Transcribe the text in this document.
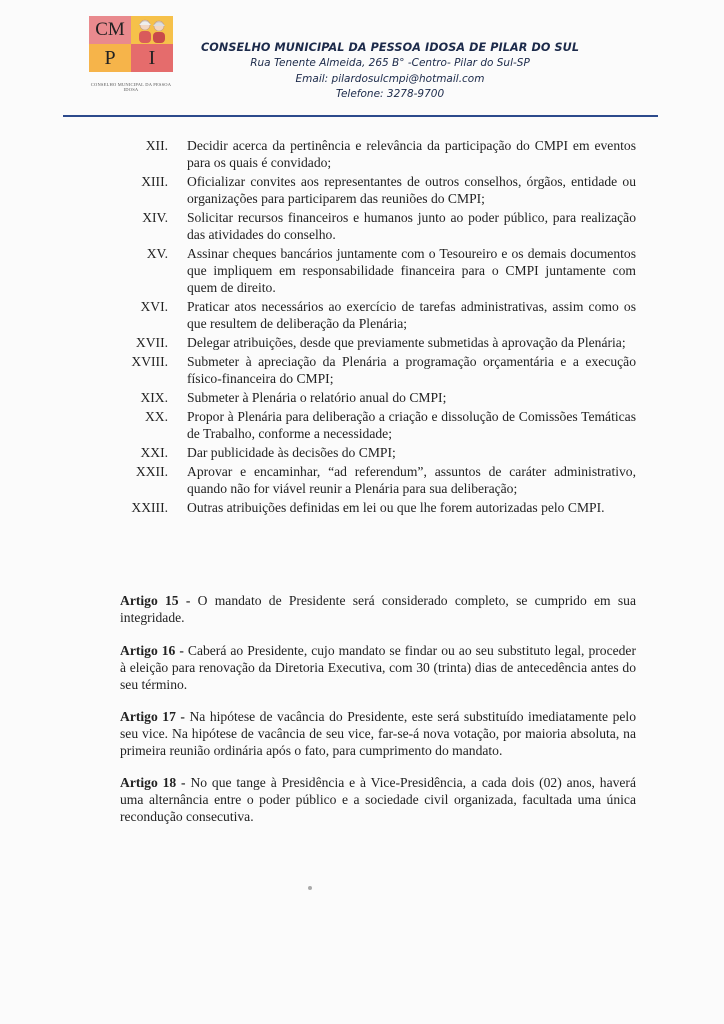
CM
P	I
CONSELHO MUNICIPAL DA PESSOA IDOSA
CONSELHO MUNICIPAL DA PESSOA IDOSA DE PILAR DO SUL
Rua Tenente Almeida, 265 B° -Centro- Pilar do Sul-SP
Email: pilardosulcmpi@hotmail.com
Telefone: 3278-9700
XII.	Decidir acerca da pertinência e relevância da participação do CMPI em eventos para os quais é convidado;
XIII.	Oficializar convites aos representantes de outros conselhos, órgãos, entidade ou organizações para participarem das reuniões do CMPI;
XIV.	Solicitar recursos financeiros e humanos junto ao poder público, para realização das atividades do conselho.
XV.	Assinar cheques bancários juntamente com o Tesoureiro e os demais documentos que impliquem em responsabilidade financeira para o CMPI juntamente com quem de direito.
XVI.	Praticar atos necessários ao exercício de tarefas administrativas, assim como os que resultem de deliberação da Plenária;
XVII.	Delegar atribuições, desde que previamente submetidas à aprovação da Plenária;
XVIII.	Submeter à apreciação da Plenária a programação orçamentária e a execução físico-financeira do CMPI;
XIX.	Submeter à Plenária o relatório anual do CMPI;
XX.	Propor à Plenária para deliberação a criação e dissolução de Comissões Temáticas de Trabalho, conforme a necessidade;
XXI.	Dar publicidade às decisões do CMPI;
XXII.	Aprovar e encaminhar, “ad referendum”, assuntos de caráter administrativo, quando não for viável reunir a Plenária para sua deliberação;
XXIII.	Outras atribuições definidas em lei ou que lhe forem autorizadas pelo CMPI.
Artigo 15 - O mandato de Presidente será considerado completo, se cumprido em sua integridade.
Artigo 16 - Caberá ao Presidente, cujo mandato se findar ou ao seu substituto legal, proceder à eleição para renovação da Diretoria Executiva, com 30 (trinta) dias de antecedência antes do seu término.
Artigo 17 - Na hipótese de vacância do Presidente, este será substituído imediatamente pelo seu vice. Na hipótese de vacância de seu vice, far-se-á nova votação, por maioria absoluta, na primeira reunião ordinária após o fato, para cumprimento do mandato.
Artigo 18 - No que tange à Presidência e à Vice-Presidência, a cada dois (02) anos, haverá uma alternância entre o poder público e a sociedade civil organizada, facultada uma única recondução consecutiva.
